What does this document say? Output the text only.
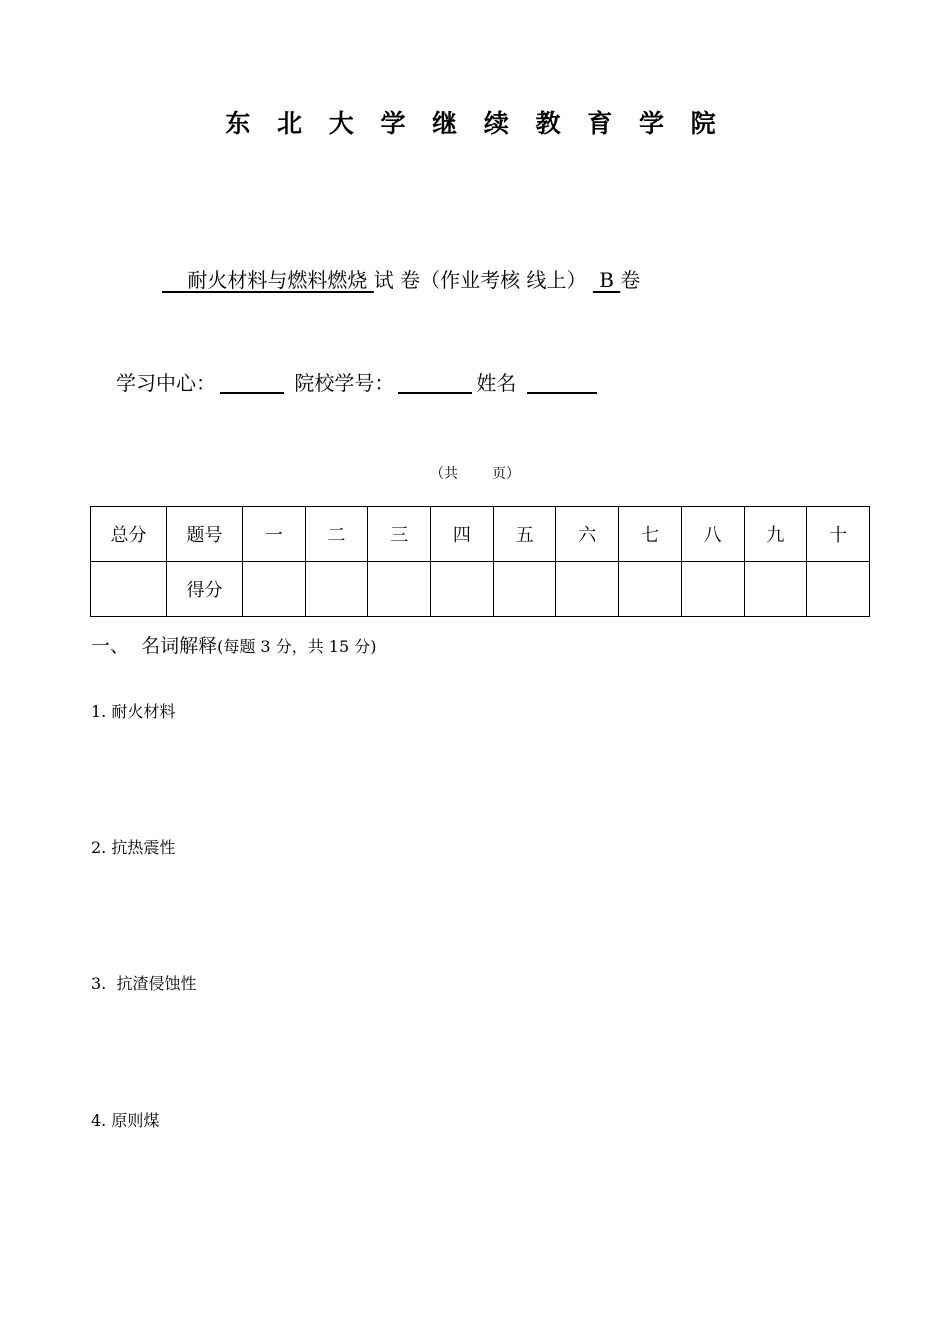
东 北 大 学 继 续 教 育 学 院
耐火材料与燃料燃烧 试 卷（作业考核 线上）  B 卷
学习中心：	院校学号：	姓名
（共 页）
总分	题号	一	二	三	四	五	六	七	八	九	十
	得分										
一、  名词解释(每题 3 分，共 15 分)
1. 耐火材料
2. 抗热震性
3.  抗渣侵蚀性
4. 原则煤
